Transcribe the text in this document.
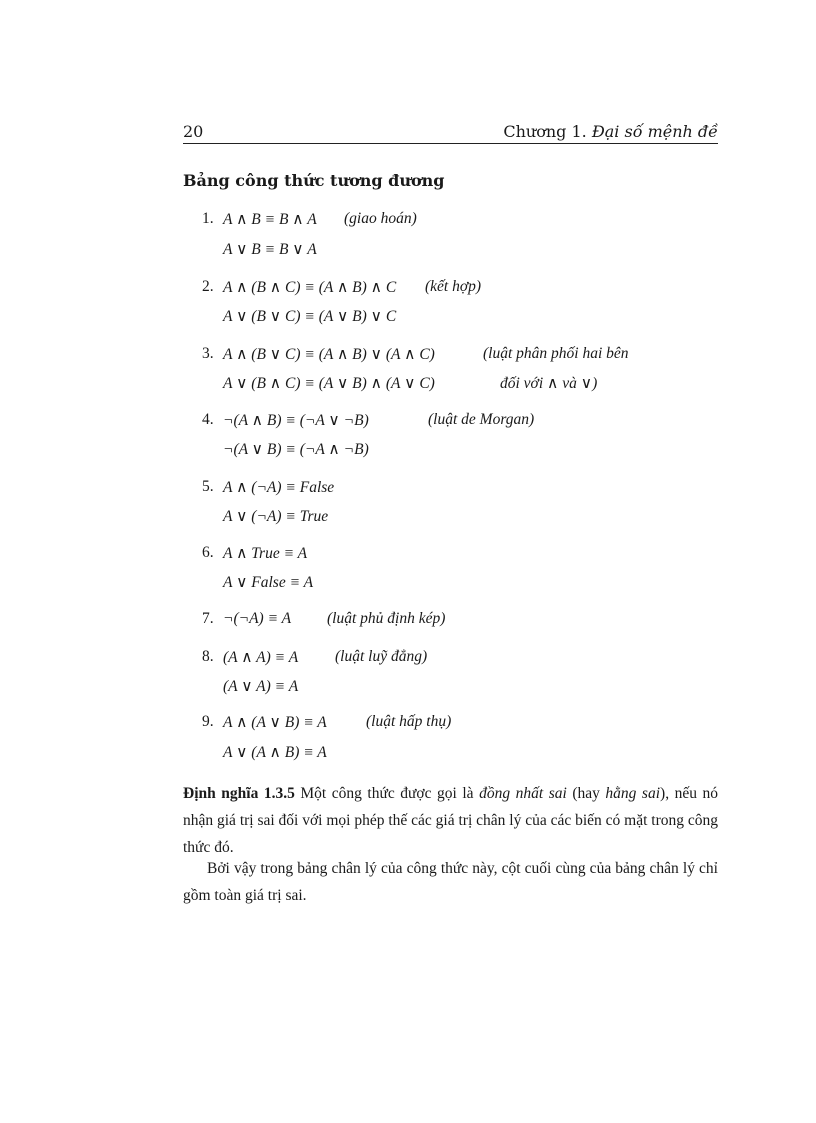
20	Chương 1. Đại số mệnh đề
Bảng công thức tương đương
1. A ∧ B ≡ B ∧ A (giao hoán)
A ∨ B ≡ B ∨ A
2. A ∧ (B ∧ C) ≡ (A ∧ B) ∧ C (kết hợp)
A ∨ (B ∨ C) ≡ (A ∨ B) ∨ C
3. A ∧ (B ∨ C) ≡ (A ∧ B) ∨ (A ∧ C)	(luật phân phối hai bên
A ∨ (B ∧ C) ≡ (A ∨ B) ∧ (A ∨ C)	đối với ∧ và ∨)
4. ¬(A ∧ B) ≡ (¬A ∨ ¬B)	(luật de Morgan)
¬(A ∨ B) ≡ (¬A ∧ ¬B)
5. A ∧ (¬A) ≡ False
A ∨ (¬A) ≡ True
6. A ∧ True ≡ A
A ∨ False ≡ A
7. ¬(¬A) ≡ A (luật phủ định kép)
8. (A ∧ A) ≡ A (luật luỹ đẳng)
(A ∨ A) ≡ A
9. A ∧ (A ∨ B) ≡ A	(luật hấp thụ)
A ∨ (A ∧ B) ≡ A

Định nghĩa 1.3.5 Một công thức được gọi là đồng nhất sai (hay hằng sai), nếu nó nhận giá trị sai đối với mọi phép thế các giá trị chân lý của các biến có mặt trong công thức đó.

Bởi vậy trong bảng chân lý của công thức này, cột cuối cùng của bảng chân lý chỉ gồm toàn giá trị sai.
